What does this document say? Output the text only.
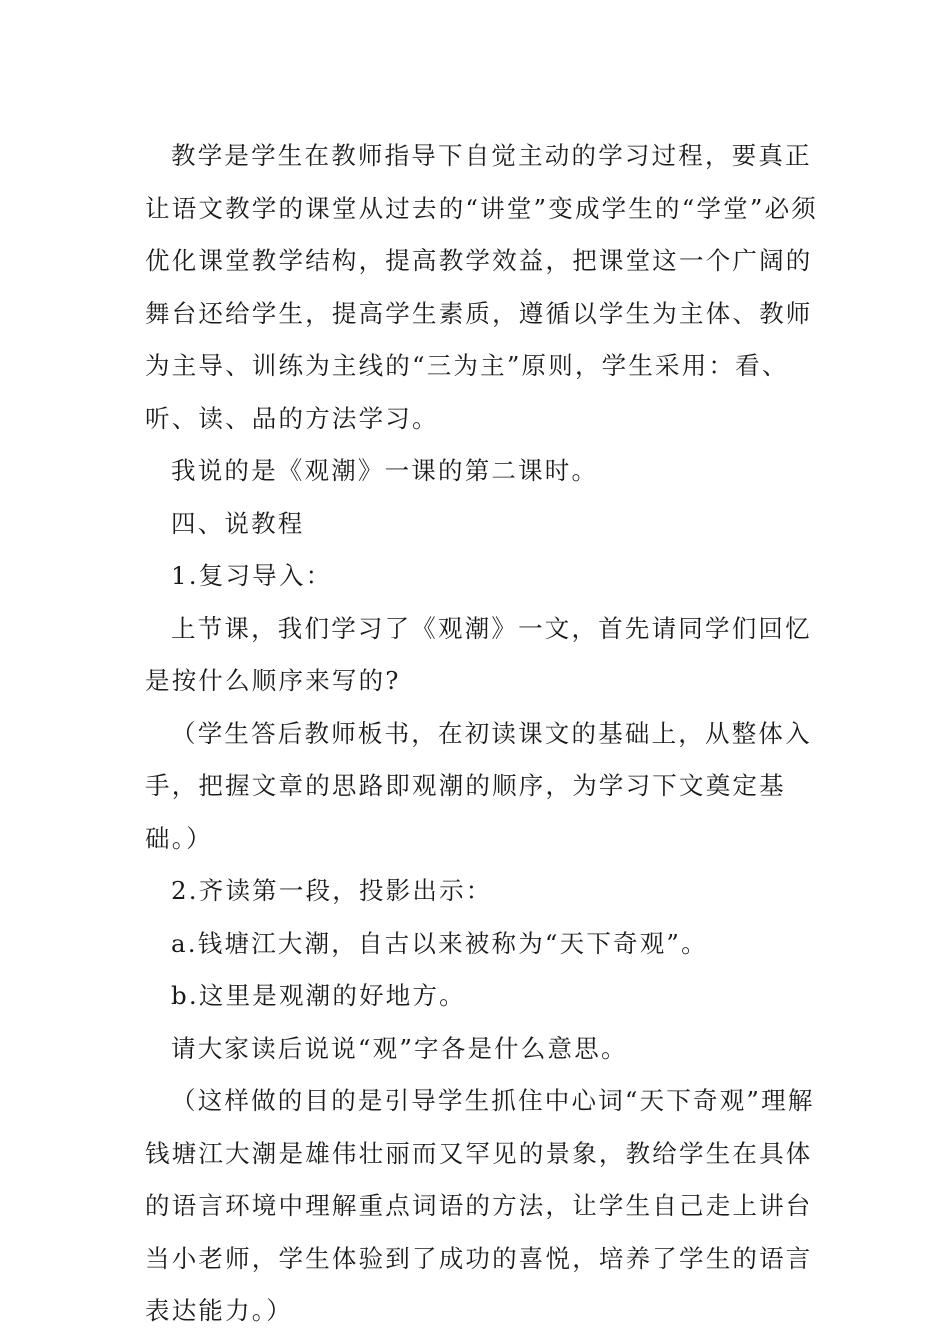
教学是学生在教师指导下自觉主动的学习过程，要真正让语文教学的课堂从过去的“讲堂”变成学生的“学堂”必须优化课堂教学结构，提高教学效益，把课堂这一个广阔的舞台还给学生，提高学生素质，遵循以学生为主体、教师为主导、训练为主线的“三为主”原则，学生采用：看、听、读、品的方法学习。

我说的是《观潮》一课的第二课时。

四、说教程

1.复习导入：

上节课，我们学习了《观潮》一文，首先请同学们回忆是按什么顺序来写的?

（学生答后教师板书，在初读课文的基础上，从整体入手，把握文章的思路即观潮的顺序，为学习下文奠定基础。）

2.齐读第一段，投影出示：

a.钱塘江大潮，自古以来被称为“天下奇观”。

b.这里是观潮的好地方。

请大家读后说说“观”字各是什么意思。

（这样做的目的是引导学生抓住中心词“天下奇观”理解钱塘江大潮是雄伟壮丽而又罕见的景象，教给学生在具体的语言环境中理解重点词语的方法，让学生自己走上讲台当小老师，学生体验到了成功的喜悦，培养了学生的语言表达能力。）
